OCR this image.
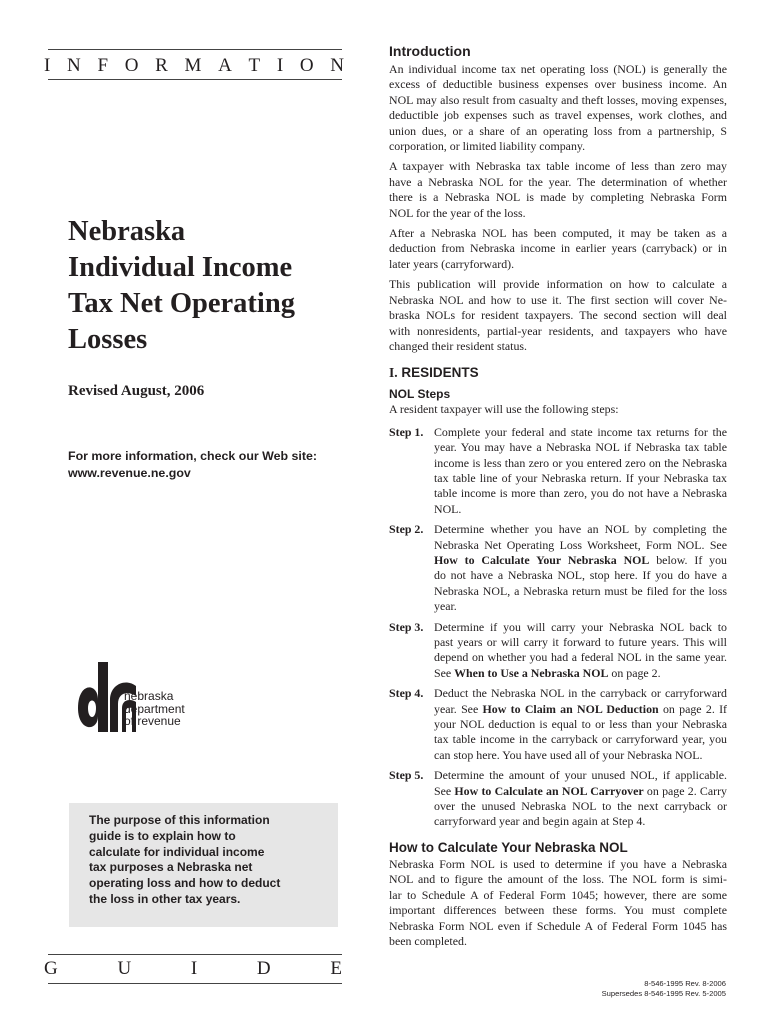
I N F O R M A T I O N
Nebraska
Individual Income
Tax Net Operating
Losses
Revised August, 2006
For more information, check our Web site:
www.revenue.ne.gov
nebraska
department
of revenue
The purpose of this information
guide is to explain how to
calculate for individual income
tax purposes a Nebraska net
operating loss and how to deduct
the loss in other tax years.
G	U	I	D	E
Introduction

An individual income tax net operating loss (NOL) is generally the
excess of deductible business expenses over business income. An
NOL may also result from casualty and theft losses, moving expenses,
deductible job expenses such as travel expenses, work clothes, and
union dues, or a share of an operating loss from a partnership, S
corporation, or limited liability company.

A taxpayer with Nebraska tax table income of less than zero may
have a Nebraska NOL for the year. The determination of whether
there is a Nebraska NOL is made by completing Nebraska Form
NOL for the year of the loss.

After a Nebraska NOL has been computed, it may be taken as a
deduction from Nebraska income in earlier years (carryback) or in
later years (carryforward).

This publication will provide information on how to calculate a
Nebraska NOL and how to use it. The first section will cover Ne-
braska NOLs for resident taxpayers. The second section will deal
with nonresidents, partial-year residents, and taxpayers who have
changed their resident status.

I. RESIDENTS
NOL Steps

A resident taxpayer will use the following steps:

Step 1. Complete your federal and state income tax returns for the
year. You may have a Nebraska NOL if Nebraska tax table
income is less than zero or you entered zero on the Nebraska
tax table line of your Nebraska return. If your Nebraska tax
table income is more than zero, you do not have a Nebraska
NOL.
Step 2. Determine whether you have an NOL by completing the
Nebraska Net Operating Loss Worksheet, Form NOL. See
How to Calculate Your Nebraska NOL below. If you
do not have a Nebraska NOL, stop here. If you do have a
Nebraska NOL, a Nebraska return must be filed for the loss
year.
Step 3. Determine if you will carry your Nebraska NOL back to
past years or will carry it forward to future years. This will
depend on whether you had a federal NOL in the same year.
See When to Use a Nebraska NOL on page 2.
Step 4. Deduct the Nebraska NOL in the carryback or carryforward
year. See How to Claim an NOL Deduction on page 2. If
your NOL deduction is equal to or less than your Nebraska
tax table income in the carryback or carryforward year, you
can stop here. You have used all of your Nebraska NOL.
Step 5. Determine the amount of your unused NOL, if applicable.
See How to Calculate an NOL Carryover on page 2. Carry
over the unused Nebraska NOL to the next carryback or
carryforward year and begin again at Step 4.
How to Calculate Your Nebraska NOL

Nebraska Form NOL is used to determine if you have a Nebraska
NOL and to figure the amount of the loss. The NOL form is simi-
lar to Schedule A of Federal Form 1045; however, there are some
important differences between these forms. You must complete
Nebraska Form NOL even if Schedule A of Federal Form 1045 has
been completed.

8-546-1995 Rev. 8-2006
Supersedes 8-546-1995 Rev. 5-2005
